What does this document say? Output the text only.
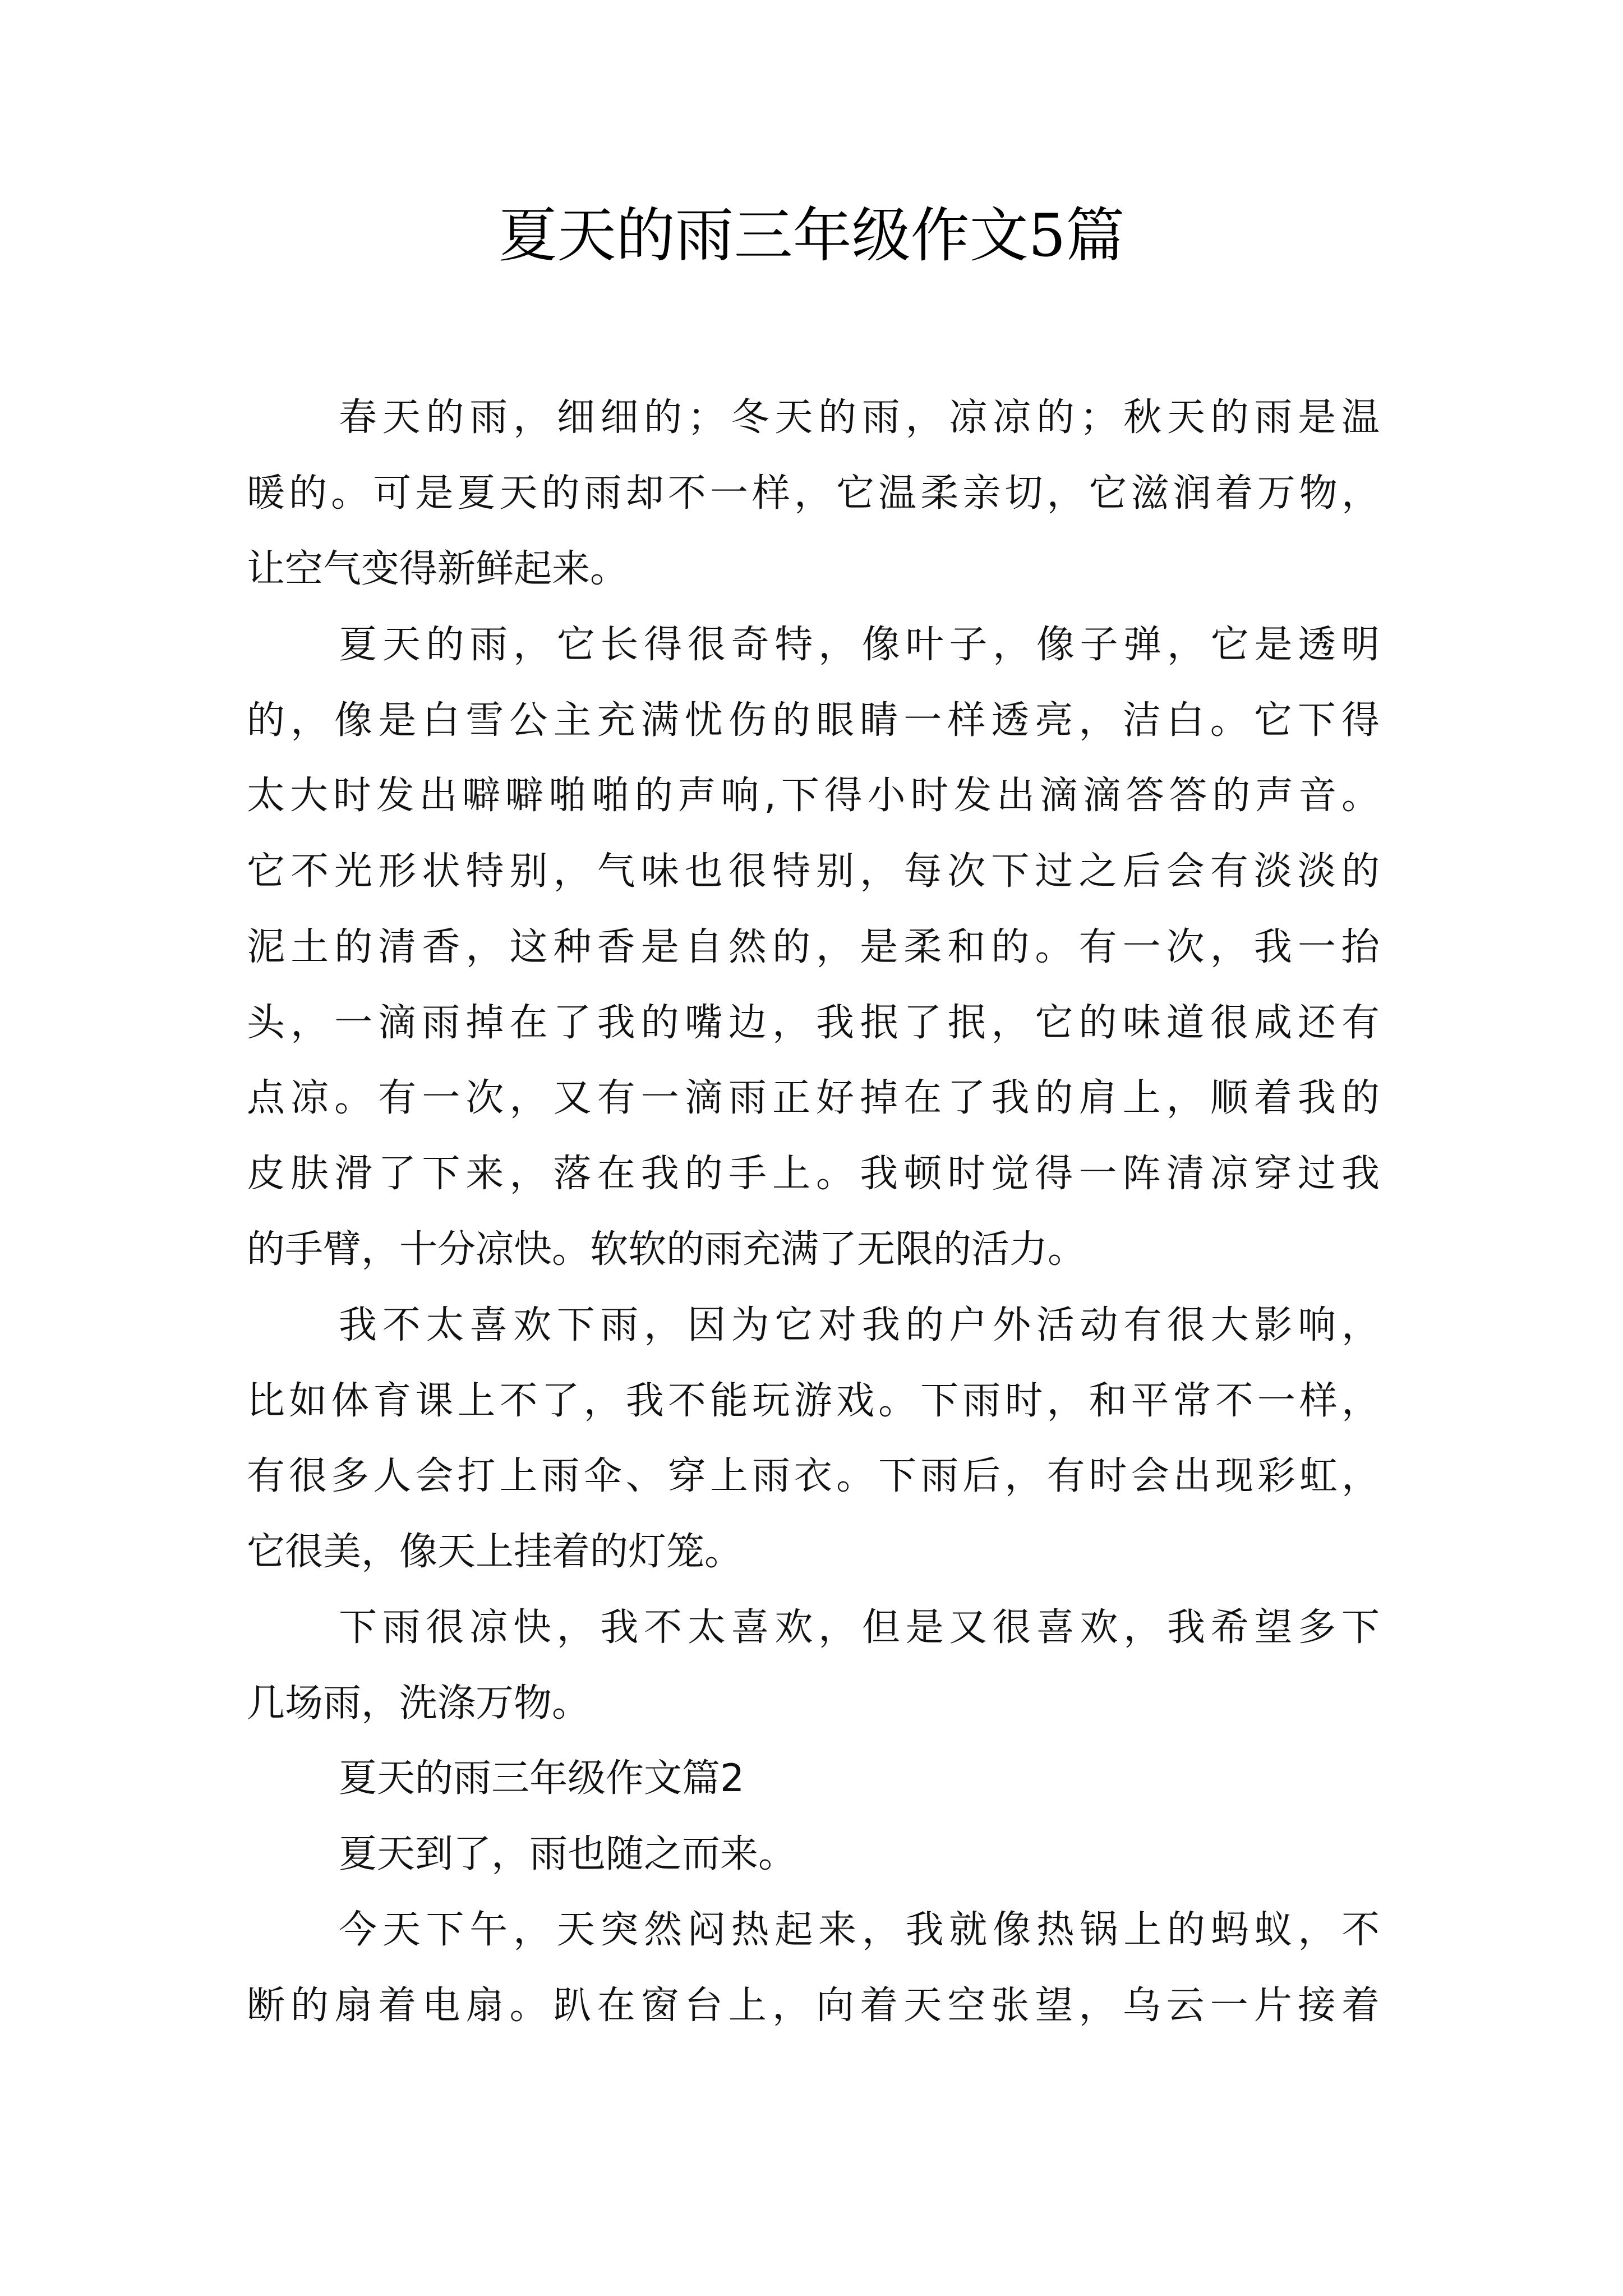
夏天的雨三年级作文5篇
春天的雨，细细的；冬天的雨，凉凉的；秋天的雨是温
暖的。可是夏天的雨却不一样，它温柔亲切，它滋润着万物，
让空气变得新鲜起来。
夏天的雨，它长得很奇特，像叶子，像子弹，它是透明
的，像是白雪公主充满忧伤的眼睛一样透亮，洁白。它下得
太大时发出噼噼啪啪的声响,下得小时发出滴滴答答的声音。
它不光形状特别，气味也很特别，每次下过之后会有淡淡的
泥土的清香，这种香是自然的，是柔和的。有一次，我一抬
头，一滴雨掉在了我的嘴边，我抿了抿，它的味道很咸还有
点凉。有一次，又有一滴雨正好掉在了我的肩上，顺着我的
皮肤滑了下来，落在我的手上。我顿时觉得一阵清凉穿过我
的手臂，十分凉快。软软的雨充满了无限的活力。
我不太喜欢下雨，因为它对我的户外活动有很大影响，
比如体育课上不了，我不能玩游戏。下雨时，和平常不一样，
有很多人会打上雨伞、穿上雨衣。下雨后，有时会出现彩虹，
它很美，像天上挂着的灯笼。
下雨很凉快，我不太喜欢，但是又很喜欢，我希望多下
几场雨，洗涤万物。
夏天的雨三年级作文篇2
夏天到了，雨也随之而来。
今天下午，天突然闷热起来，我就像热锅上的蚂蚁，不
断的扇着电扇。趴在窗台上，向着天空张望，乌云一片接着
